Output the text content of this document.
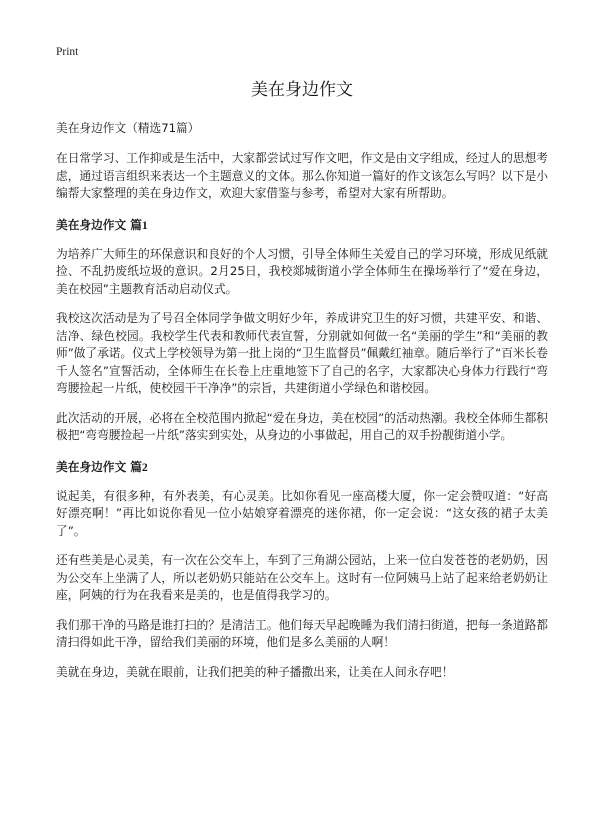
Print
美在身边作文
美在身边作文（精选71篇）
在日常学习、工作抑或是生活中，大家都尝试过写作文吧，作文是由文字组成，经过人的思想考虑，通过语言组织来表达一个主题意义的文体。那么你知道一篇好的作文该怎么写吗？以下是小编帮大家整理的美在身边作文，欢迎大家借鉴与参考，希望对大家有所帮助。
美在身边作文 篇1
为培养广大师生的环保意识和良好的个人习惯，引导全体师生关爱自己的学习环境，形成见纸就捡、不乱扔废纸垃圾的意识。2月25日，我校郯城街道小学全体师生在操场举行了“爱在身边，美在校园”主题教育活动启动仪式。
我校这次活动是为了号召全体同学争做文明好少年，养成讲究卫生的好习惯，共建平安、和谐、洁净、绿色校园。我校学生代表和教师代表宣誓，分别就如何做一名“美丽的学生”和“美丽的教师”做了承诺。仪式上学校领导为第一批上岗的“卫生监督员”佩戴红袖章。随后举行了“百米长卷千人签名”宣誓活动，全体师生在长卷上庄重地签下了自己的名字，大家都决心身体力行践行“弯弯腰捡起一片纸，使校园干干净净”的宗旨，共建街道小学绿色和谐校园。
此次活动的开展，必将在全校范围内掀起“爱在身边，美在校园”的活动热潮。我校全体师生都积极把“弯弯腰捡起一片纸”落实到实处，从身边的小事做起，用自己的双手扮靓街道小学。
美在身边作文 篇2
说起美，有很多种，有外表美，有心灵美。比如你看见一座高楼大厦，你一定会赞叹道：“好高好漂亮啊！”再比如说你看见一位小姑娘穿着漂亮的迷你裙，你一定会说：“这女孩的裙子太美了”。
还有些美是心灵美，有一次在公交车上，车到了三角湖公园站，上来一位白发苍苍的老奶奶，因为公交车上坐满了人，所以老奶奶只能站在公交车上。这时有一位阿姨马上站了起来给老奶奶让座，阿姨的行为在我看来是美的，也是值得我学习的。
我们那干净的马路是谁打扫的？是清洁工。他们每天早起晚睡为我们清扫街道，把每一条道路都清扫得如此干净，留给我们美丽的环境，他们是多么美丽的人啊！
美就在身边，美就在眼前，让我们把美的种子播撒出来，让美在人间永存吧！
